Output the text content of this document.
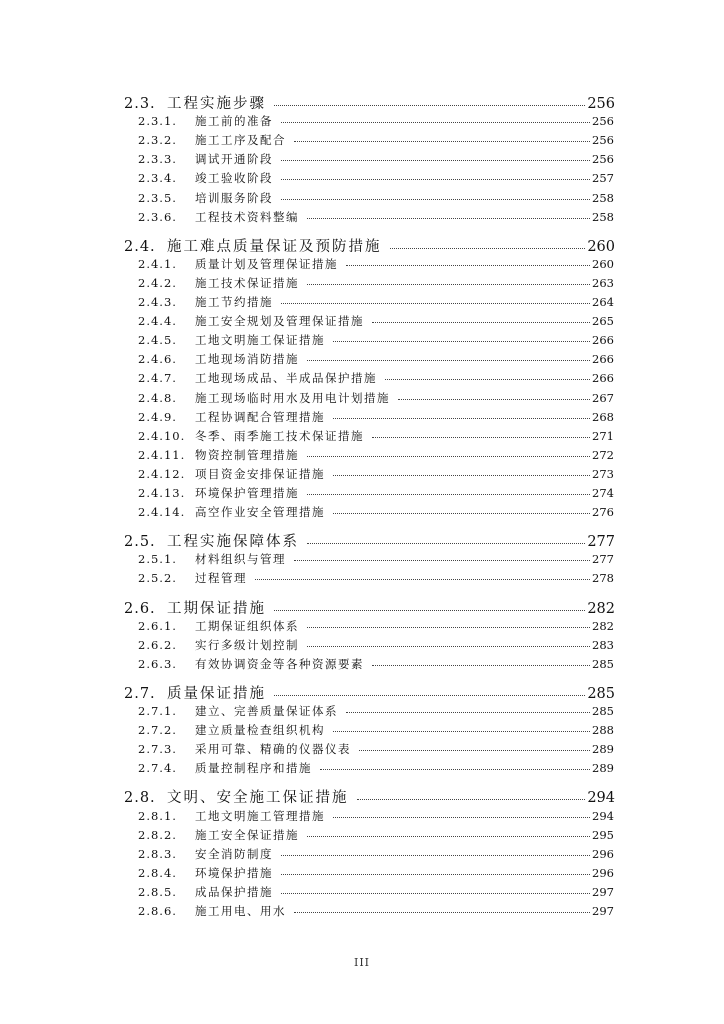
2.3. 工程实施步骤	256
2.3.1.	施工前的准备	256
2.3.2.	施工工序及配合	256
2.3.3.	调试开通阶段	256
2.3.4.	竣工验收阶段	257
2.3.5.	培训服务阶段	258
2.3.6.	工程技术资料整编	258
2.4. 施工难点质量保证及预防措施	260
2.4.1.	质量计划及管理保证措施	260
2.4.2.	施工技术保证措施	263
2.4.3.	施工节约措施	264
2.4.4.	施工安全规划及管理保证措施	265
2.4.5.	工地文明施工保证措施	266
2.4.6.	工地现场消防措施	266
2.4.7.	工地现场成品、半成品保护措施	266
2.4.8.	施工现场临时用水及用电计划措施	267
2.4.9.	工程协调配合管理措施	268
2.4.10. 冬季、雨季施工技术保证措施	271
2.4.11. 物资控制管理措施	272
2.4.12. 项目资金安排保证措施	273
2.4.13. 环境保护管理措施	274
2.4.14. 高空作业安全管理措施	276
2.5. 工程实施保障体系	277
2.5.1.	材料组织与管理	277
2.5.2.	过程管理	278
2.6. 工期保证措施	282
2.6.1.	工期保证组织体系	282
2.6.2.	实行多级计划控制	283
2.6.3.	有效协调资金等各种资源要素	285
2.7. 质量保证措施	285
2.7.1.	建立、完善质量保证体系	285
2.7.2.	建立质量检查组织机构	288
2.7.3.	采用可靠、精确的仪器仪表	289
2.7.4.	质量控制程序和措施	289
2.8. 文明、安全施工保证措施	294
2.8.1.	工地文明施工管理措施	294
2.8.2.	施工安全保证措施	295
2.8.3.	安全消防制度	296
2.8.4.	环境保护措施	296
2.8.5.	成品保护措施	297
2.8.6.	施工用电、用水	297
III
